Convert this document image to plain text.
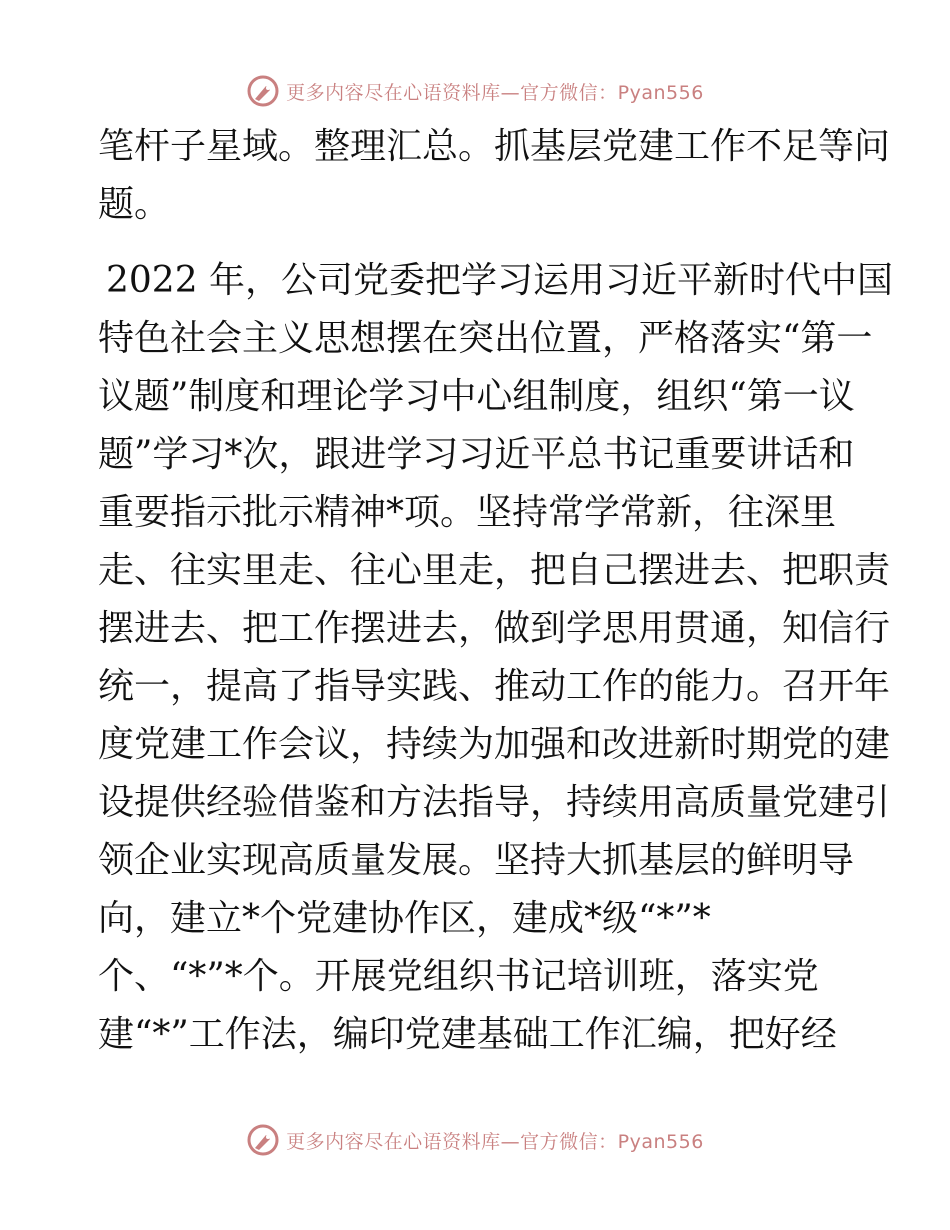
更多内容尽在心语资料库—官方微信：Pyan556
笔杆子星域。整理汇总。抓基层党建工作不足等问
题。
2022 年，公司党委把学习运用习近平新时代中国
特色社会主义思想摆在突出位置，严格落实“第一
议题”制度和理论学习中心组制度，组织“第一议
题”学习*次，跟进学习习近平总书记重要讲话和
重要指示批示精神*项。坚持常学常新，往深里
走、往实里走、往心里走，把自己摆进去、把职责
摆进去、把工作摆进去，做到学思用贯通，知信行
统一，提高了指导实践、推动工作的能力。召开年
度党建工作会议，持续为加强和改进新时期党的建
设提供经验借鉴和方法指导，持续用高质量党建引
领企业实现高质量发展。坚持大抓基层的鲜明导
向，建立*个党建协作区，建成*级“*”*
个、“*”*个。开展党组织书记培训班，落实党
建“*”工作法，编印党建基础工作汇编，把好经
更多内容尽在心语资料库—官方微信：Pyan556
